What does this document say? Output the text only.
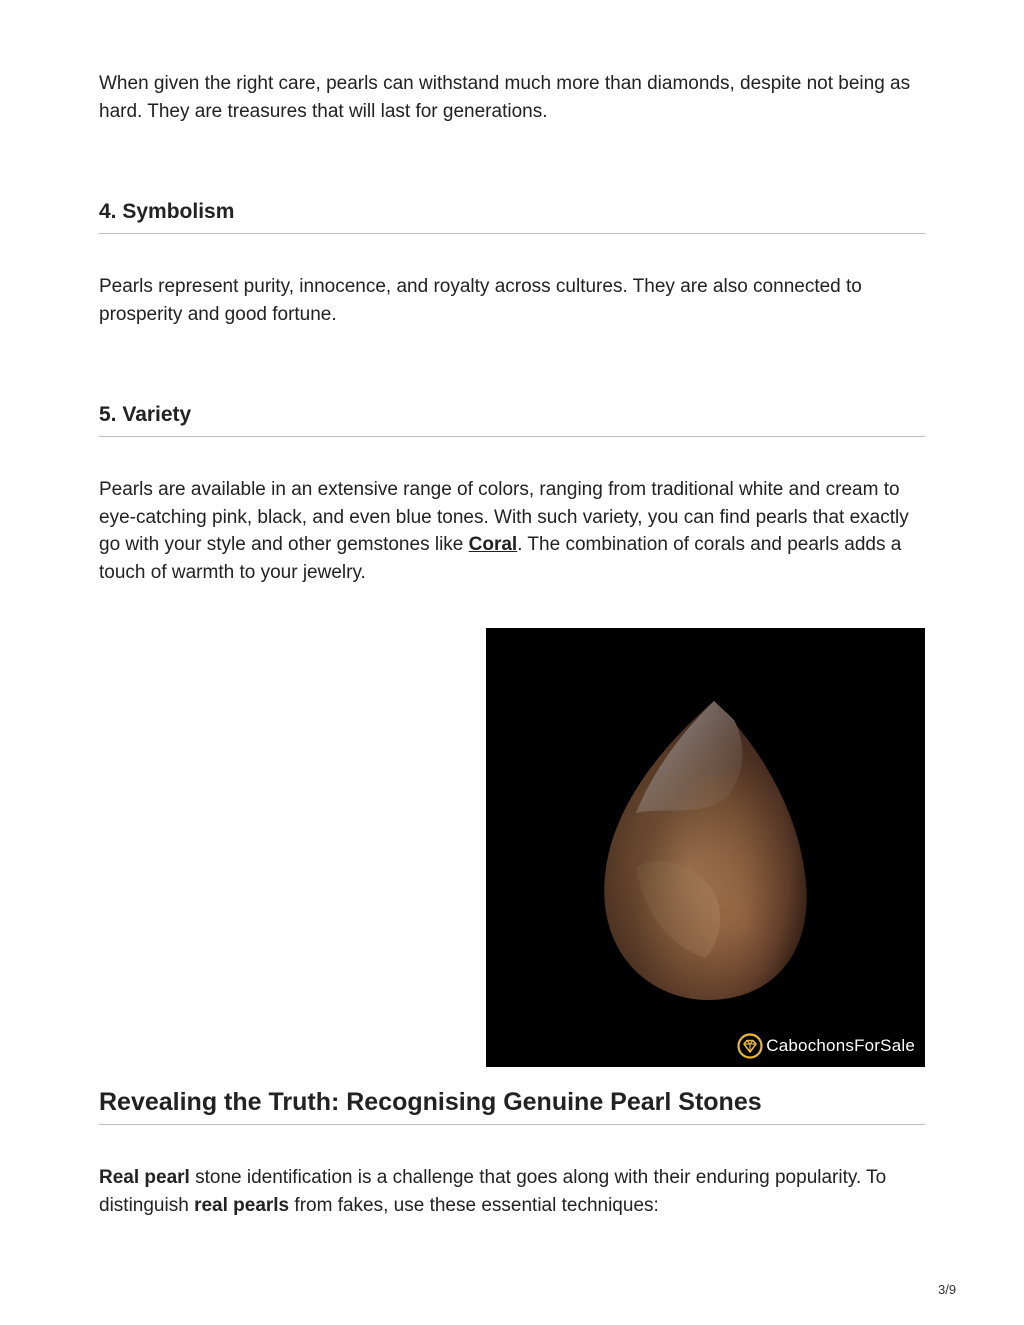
When given the right care, pearls can withstand much more than diamonds, despite not being as hard. They are treasures that will last for generations.

4. Symbolism

Pearls represent purity, innocence, and royalty across cultures. They are also connected to prosperity and good fortune.

5. Variety

Pearls are available in an extensive range of colors, ranging from traditional white and cream to eye-catching pink, black, and even blue tones. With such variety, you can find pearls that exactly go with your style and other gemstones like Coral. The combination of corals and pearls adds a touch of warmth to your jewelry.

CabochonsForSale
Revealing the Truth: Recognising Genuine Pearl Stones

Real pearl stone identification is a challenge that goes along with their enduring popularity. To distinguish real pearls from fakes, use these essential techniques:

3/9
